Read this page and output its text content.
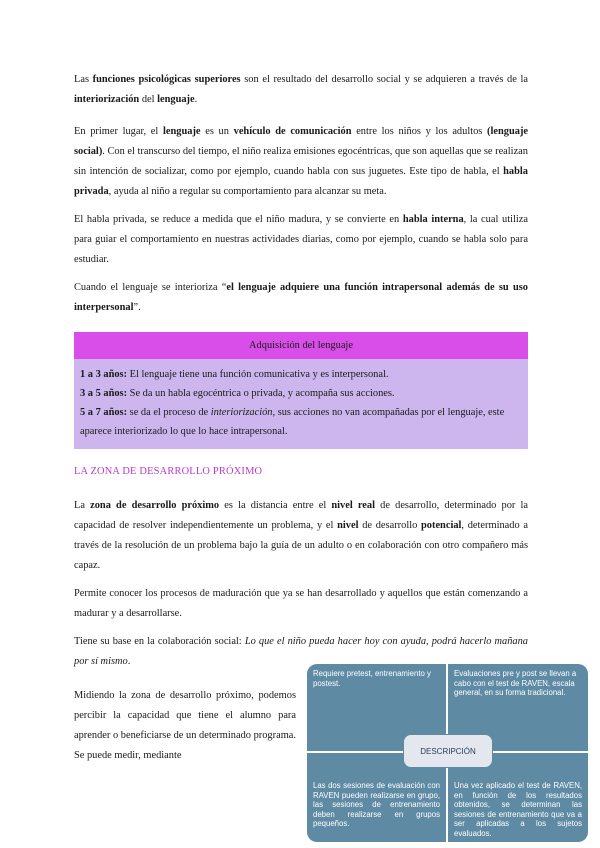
Las funciones psicológicas superiores son el resultado del desarrollo social y se adquieren a través de la interiorización del lenguaje.

En primer lugar, el lenguaje es un vehículo de comunicación entre los niños y los adultos (lenguaje social). Con el transcurso del tiempo, el niño realiza emisiones egocéntricas, que son aquellas que se realizan sin intención de socializar, como por ejemplo, cuando habla con sus juguetes. Este tipo de habla, el habla privada, ayuda al niño a regular su comportamiento para alcanzar su meta.

El habla privada, se reduce a medida que el niño madura, y se convierte en habla interna, la cual utiliza para guiar el comportamiento en nuestras actividades diarias, como por ejemplo, cuando se habla solo para estudiar.

Cuando el lenguaje se interioriza “el lenguaje adquiere una función intrapersonal además de su uso interpersonal”.

Adquisición del lenguaje
1 a 3 años: El lenguaje tiene una función comunicativa y es interpersonal.
3 a 5 años: Se da un habla egocéntrica o privada, y acompaña sus acciones.
5 a 7 años: se da el proceso de interiorización, sus acciones no van acompañadas por el lenguaje, este aparece interiorizado lo que lo hace intrapersonal.
LA ZONA DE DESARROLLO PRÓXIMO

La zona de desarrollo próximo es la distancia entre el nivel real de desarrollo, determinado por la capacidad de resolver independientemente un problema, y el nivel de desarrollo potencial, determinado a través de la resolución de un problema bajo la guía de un adulto o en colaboración con otro compañero más capaz.

Permite conocer los procesos de maduración que ya se han desarrollado y aquellos que están comenzando a madurar y a desarrollarse.

Tiene su base en la colaboración social: Lo que el niño pueda hacer hoy con ayuda, podrá hacerlo mañana por sí mismo.

Midiendo la zona de desarrollo próximo, podemos percibir la capacidad que tiene el alumno para aprender o beneficiarse de un determinado programa. Se puede medir, mediante

Requiere pretest, entrenamiento y postest.
Evaluaciones pre y post se llevan a cabo con el test de RAVEN, escala general, en su forma tradicional.
Las dos sesiones de evaluación con RAVEN pueden realizarse en grupo, las sesiones de entrenamiento deben realizarse en grupos pequeños.
Una vez aplicado el test de RAVEN, en función de los resultados obtenidos, se determinan las sesiones de entrenamiento que va a ser aplicadas a los sujetos evaluados.
DESCRIPCIÓN
